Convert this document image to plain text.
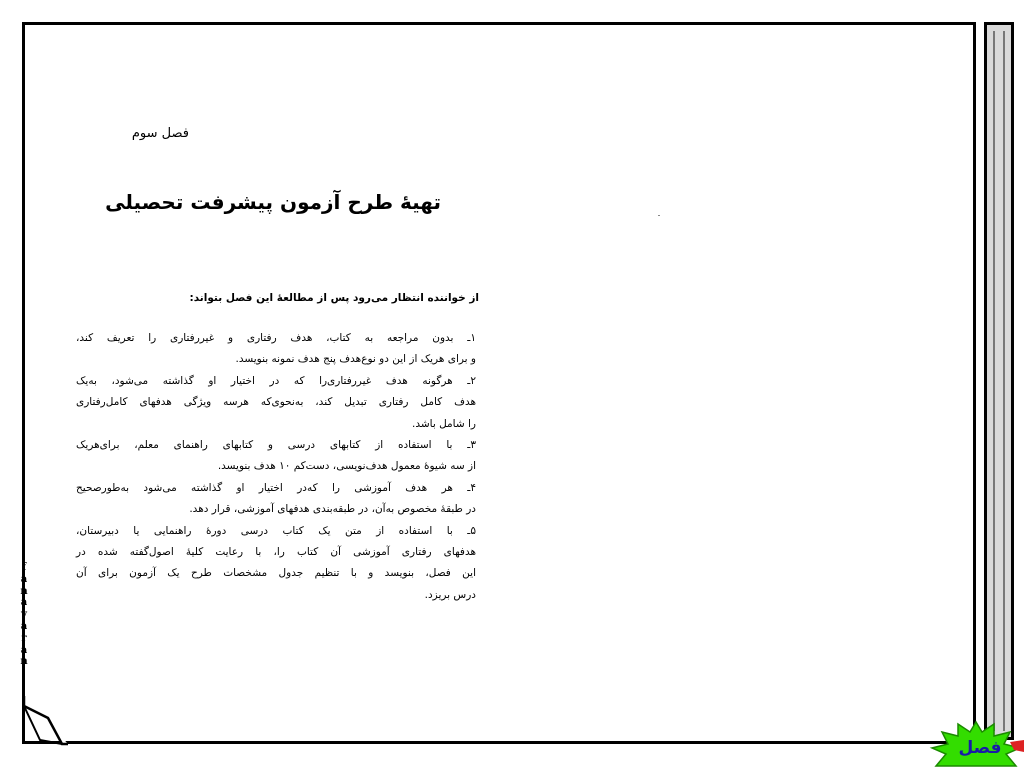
f
a
n
a
v
a
r
a
n
فصل سوم
تهیهٔ طرح آزمون پیشرفت تحصیلی
از خواننده انتظار می‌رود پس از مطالعهٔ این فصل بتواند:
۱ـ بدون مراجعه به کتاب، هدف رفتاری و غیررفتاری را تعریف کند،
و برای هریک از این دو نوع‌هدف پنج هدف نمونه بنویسد.
۲ـ هرگونه هدف غیررفتاری‌را که در اختیار او گذاشته می‌شود، به‌یک
هدف کامل رفتاری تبدیل کند، به‌نحوی‌که هرسه ویژگی هدفهای کامل‌رفتاری
را شامل باشد.
۳ـ با استفاده از کتابهای درسی و کتابهای راهنمای معلم، برای‌هریک
از سه شیوهٔ معمول هدف‌نویسی، دست‌کم ۱۰ هدف بنویسد.
۴ـ هر هدف آموزشی را که‌در اختیار او گذاشته می‌شود به‌طورصحیح
در طبقهٔ مخصوص به‌آن، در طبقه‌بندی هدفهای آموزشی، قرار دهد.
۵ـ با استفاده از متن یک کتاب درسی دورهٔ راهنمایی یا دبیرستان،
هدفهای رفتاری آموزشی آن کتاب را، با رعایت کلیهٔ اصول‌گفته شده در
این فصل، بنویسد و با تنظیم جدول مشخصات طرح یک آزمون برای آن
درس بریزد.
فصل
